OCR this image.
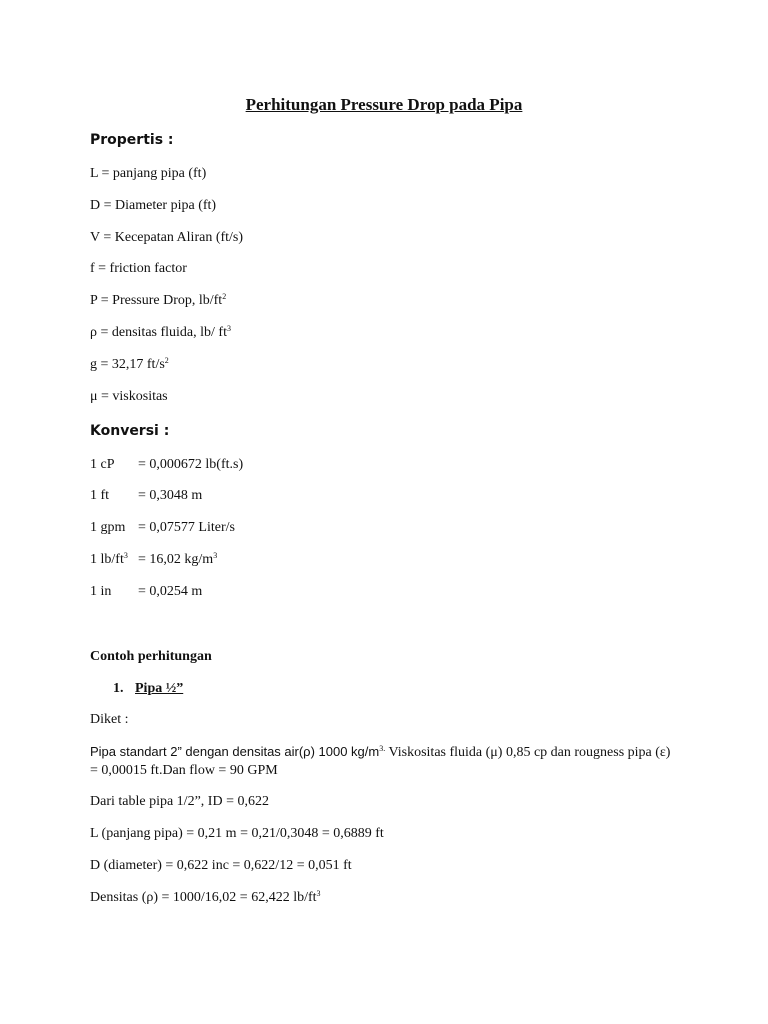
Perhitungan Pressure Drop pada Pipa
Propertis :
L = panjang pipa (ft)
D = Diameter pipa (ft)
V = Kecepatan Aliran (ft/s)
f = friction factor
P = Pressure Drop, $lb/ft^2$
ρ = densitas fluida, lb/ $ft^3$
g = 32,17 $ft/s^2$
μ = viskositas
Konversi :
1 cP = 0,000672 lb(ft.s)
1 ft = 0,3048 m
1 gpm = 0,07577 Liter/s
1 $lb/ft^3 = 16,02$ $kg/m^3$
1 in = 0,0254 m
Contoh perhitungan
1. Pipa ½”
Diket :
Pipa standart 2” dengan densitas air(ρ) 1000 $kg/m^{3.}$ Viskositas fluida (μ) 0,85 cp dan rougness pipa (ε) = 0,00015 ft.Dan flow = 90 GPM
Dari table pipa 1/2”, ID = 0,622
L (panjang pipa) = 0,21 m = 0,21/0,3048 = 0,6889 ft
D (diameter) = 0,622 inc = 0,622/12 = 0,051 ft
Densitas (ρ) = 1000/16,02 = 62,422 $lb/ft^3$
